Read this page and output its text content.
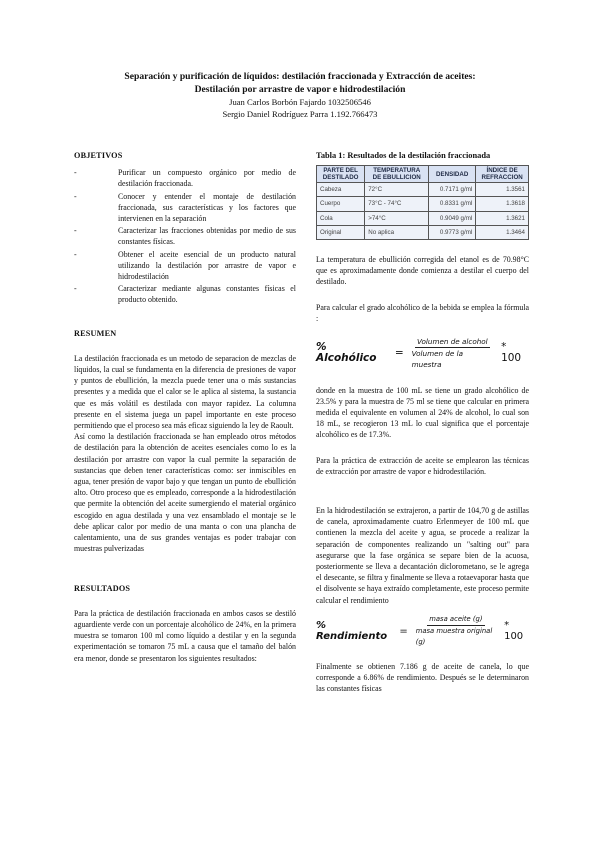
Separación y purificación de líquidos: destilación fraccionada y Extracción de aceites:

Destilación por arrastre de vapor e hidrodestilación

Juan Carlos Borbón Fajardo 1032506546

Sergio Daniel Rodríguez Parra 1.192.766473

OBJETIVOS

-	Purificar un compuesto orgánico por medio de destilación fraccionada.
-	Conocer y entender el montaje de destilación fraccionada, sus características y los factores que intervienen en la separación
-	Caracterizar las fracciones obtenidas por medio de sus constantes físicas.
-	Obtener el aceite esencial de un producto natural utilizando la destilación por arrastre de vapor e hidrodestilación
-	Caracterizar mediante algunas constantes físicas el producto obtenido.

RESUMEN

La destilación fraccionada es un metodo de separacion de mezclas de líquidos, la cual se fundamenta en la diferencia de presiones de vapor y puntos de ebullición, la mezcla puede tener una o más sustancias presentes y a medida que el calor se le aplica al sistema, la sustancia que es más volátil es destilada con mayor rapidez. La columna presente en el sistema juega un papel importante en este proceso permitiendo que el proceso sea más eficaz siguiendo la ley de Raoult.

Así como la destilación fraccionada se han empleado otros métodos de destilación para la obtención de aceites esenciales como lo es la destilación por arrastre con vapor la cual permite la separación de sustancias que deben tener características como: ser inmiscibles en agua, tener presión de vapor bajo y que tengan un punto de ebullición alto. Otro proceso que es empleado, corresponde a la hidrodestilación que permite la obtención del aceite sumergiendo el material orgánico escogido en agua destilada y una vez ensamblado el montaje se le debe aplicar calor por medio de una manta o con una plancha de calentamiento, una de sus grandes ventajas es poder trabajar con muestras pulverizadas

RESULTADOS

Para la práctica de destilación fraccionada en ambos casos se destiló aguardiente verde con un porcentaje alcohólico de 24%, en la primera muestra se tomaron 100 ml como líquido a destilar y en la segunda experimentación se tomaron 75 mL a causa que el tamaño del balón era menor, donde se presentaron los siguientes resultados:

Tabla 1: Resultados de la destilación fraccionada

PARTE DEL DESTILADO	TEMPERATURA DE EBULLICION	DENSIDAD	ÍNDICE DE REFRACCION
Cabeza	72°C	0.7171 g/ml	1.3561
Cuerpo	73°C - 74°C	0.8331 g/ml	1.3618
Cola	>74°C	0.9049 g/ml	1.3621
Original	No aplica	0.9773 g/ml	1.3464

La temperatura de ebullición corregida del etanol es de 70.98°C que es aproximadamente donde comienza a destilar el cuerpo del destilado.

Para calcular el grado alcohólico de la bebida se emplea la fórmula :

% Alcohólico	= $\frac{\text{Volumen de alcohol}}{\text{Volumen de la muestra}} * 100$

donde en la muestra de 100 mL se tiene un grado alcohólico de 23.5% y para la muestra de 75 ml se tiene que calcular en primera medida el equivalente en volumen al 24% de alcohol, lo cual son 18 mL, se recogieron 13 mL lo cual significa que el porcentaje alcohólico es de 17.3%.

Para la práctica de extracción de aceite se emplearon las técnicas de extracción por arrastre de vapor e hidrodestilación.

En la hidrodestilación se extrajeron, a partir de 104,70 g de astillas de canela, aproximadamente cuatro Erlenmeyer de 100 mL que contienen la mezcla del aceite y agua, se procede a realizar la separación de componentes realizando un "salting out" para asegurarse que la fase orgánica se separe bien de la acuosa, posteriormente se lleva a decantación diclorometano, se le agrega el desecante, se filtra y finalmente se lleva a rotaevaporar hasta que el disolvente se haya extraído completamente, este proceso permite calcular el rendimiento

% Rendimiento
= $\frac{\text{masa aceite (g)}}{\text{masa muestra original (g)}} * 100$

Finalmente se obtienen 7.186 g de aceite de canela, lo que corresponde a 6.86% de rendimiento. Después se le determinaron las constantes físicas
